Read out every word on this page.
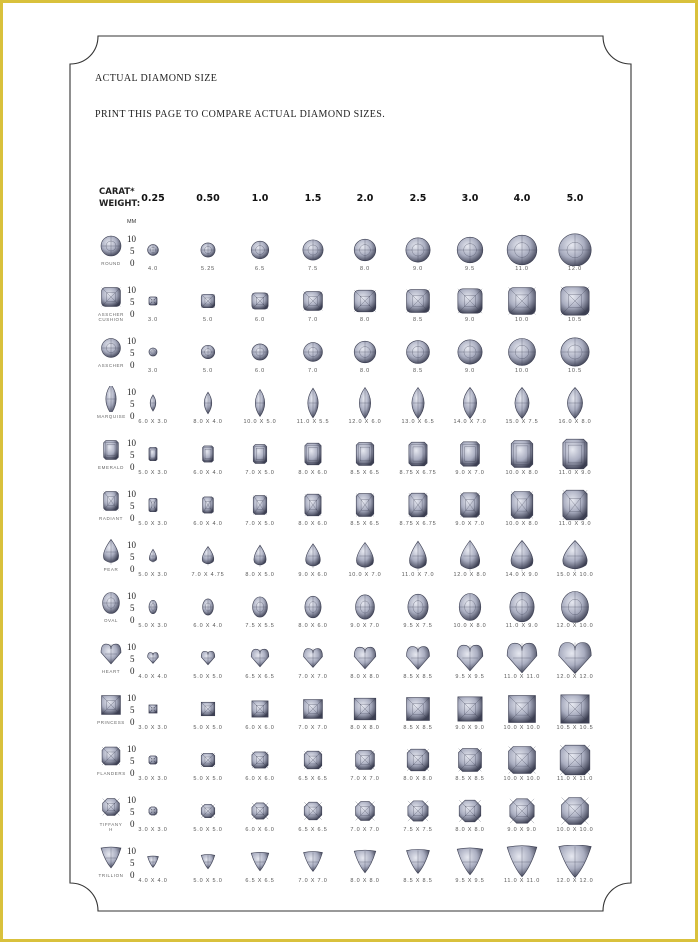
ACTUAL DIAMOND SIZE
PRINT THIS PAGE TO COMPARE ACTUAL DIAMOND SIZES.
CARAT*
WEIGHT: 0.25	0.50	1.0	1.5	2.0	2.5	3.0	4.0	5.0
MM
ROUND
10
5
0
4.0	5.25	6.5	7.5	8.0	9.0	9.5	11.0	12.0
ASSCHER CUSHION
10
5
0
3.0	5.0	6.0	7.0	8.0	8.5	9.0	10.0	10.5
ASSCHER
10
5
0
3.0	5.0	6.0	7.0	8.0	8.5	9.0	10.0	10.5
MARQUISE
10
5
0
6.0 X 3.0	8.0 X 4.0	10.0 X 5.0	11.0 X 5.5	12.0 X 6.0	13.0 X 6.5	14.0 X 7.0	15.0 X 7.5	16.0 X 8.0
EMERALD
10
5
0
5.0 X 3.0	6.0 X 4.0	7.0 X 5.0	8.0 X 6.0	8.5 X 6.5	8.75 X 6.75	9.0 X 7.0	10.0 X 8.0	11.0 X 9.0
RADIANT
10
5
0
5.0 X 3.0	6.0 X 4.0	7.0 X 5.0	8.0 X 6.0	8.5 X 6.5	8.75 X 6.75	9.0 X 7.0	10.0 X 8.0	11.0 X 9.0
PEAR
10
5
0
5.0 X 3.0	7.0 X 4.75	8.0 X 5.0	9.0 X 6.0	10.0 X 7.0	11.0 X 7.0	12.0 X 8.0	14.0 X 9.0	15.0 X 10.0
OVAL
10
5
0
5.0 X 3.0	6.0 X 4.0	7.5 X 5.5	8.0 X 6.0	9.0 X 7.0	9.5 X 7.5	10.0 X 8.0	11.0 X 9.0	12.0 X 10.0
HEART
10
5
0
4.0 X 4.0	5.0 X 5.0	6.5 X 6.5	7.0 X 7.0	8.0 X 8.0	8.5 X 8.5	9.5 X 9.5	11.0 X 11.0	12.0 X 12.0
PRINCESS
10
5
0
3.0 X 3.0	5.0 X 5.0	6.0 X 6.0	7.0 X 7.0	8.0 X 8.0	8.5 X 8.5	9.0 X 9.0	10.0 X 10.0	10.5 X 10.5
FLANDERS
10
5
0
3.0 X 3.0	5.0 X 5.0	6.0 X 6.0	6.5 X 6.5	7.0 X 7.0	8.0 X 8.0	8.5 X 8.5	10.0 X 10.0	11.0 X 11.0
TIFFANY H
10
5
0
3.0 X 3.0	5.0 X 5.0	6.0 X 6.0	6.5 X 6.5	7.0 X 7.0	7.5 X 7.5	8.0 X 8.0	9.0 X 9.0	10.0 X 10.0
TRILLION
10
5
0
4.0 X 4.0	5.0 X 5.0	6.5 X 6.5	7.0 X 7.0	8.0 X 8.0	8.5 X 8.5	9.5 X 9.5	11.0 X 11.0	12.0 X 12.0
